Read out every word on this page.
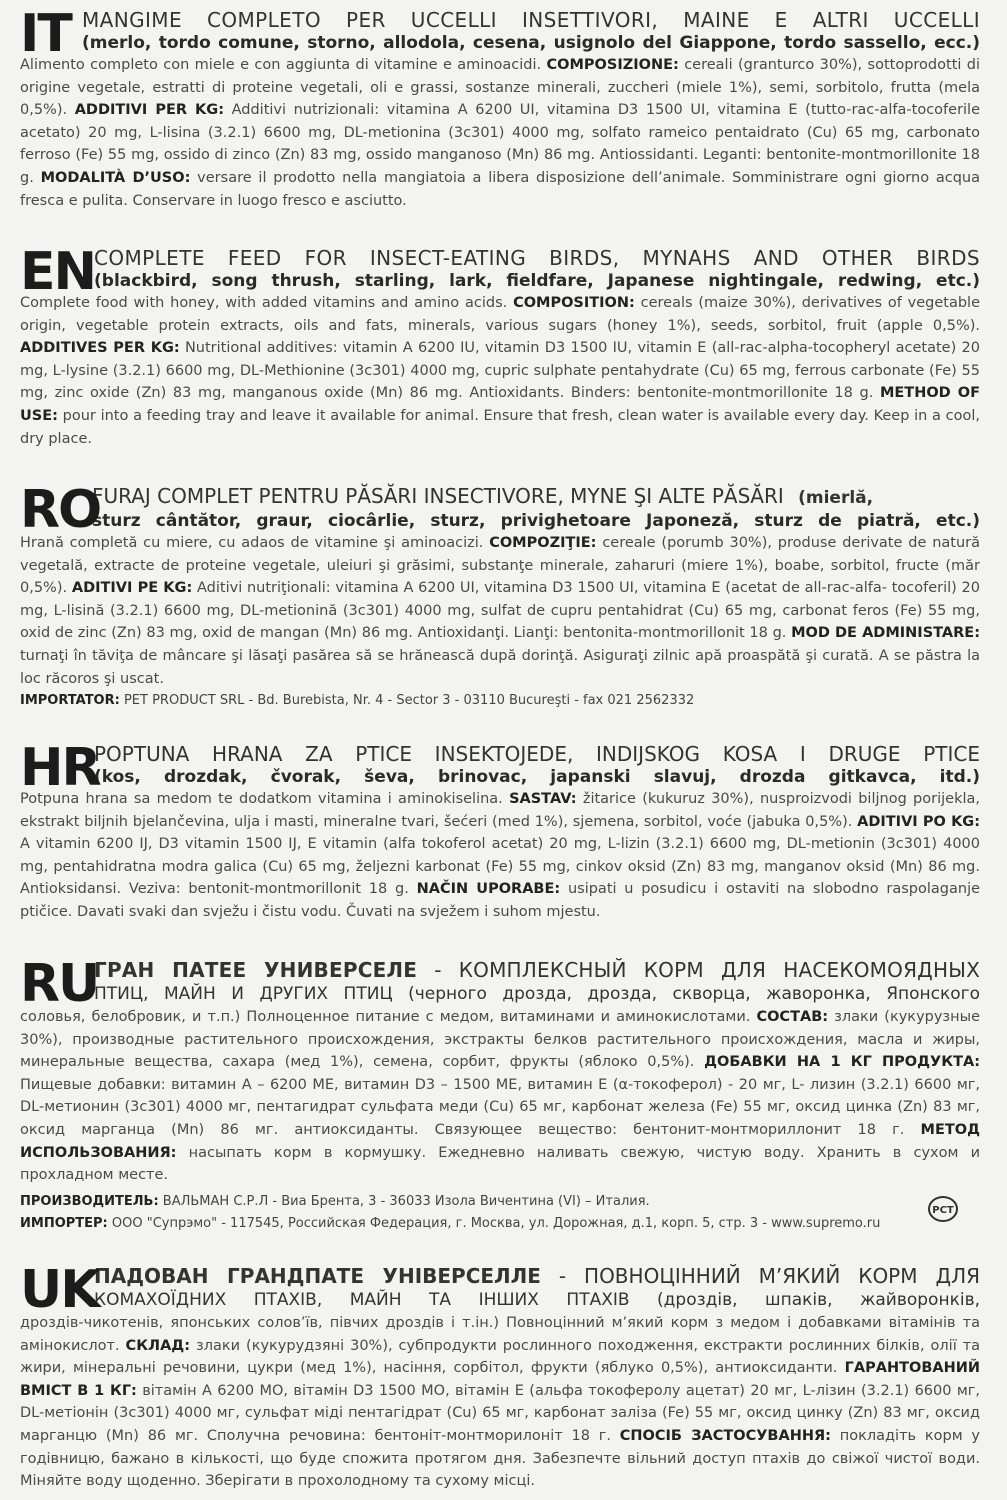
IT MANGIME COMPLETO PER UCCELLI INSETTIVORI, MAINE E ALTRI UCCELLI
(merlo, tordo comune, storno, allodola, cesena, usignolo del Giappone, tordo sassello, ecc.)
Alimento completo con miele e con aggiunta di vitamine e aminoacidi. COMPOSIZIONE: cereali (granturco 30%), sottoprodotti di origine vegetale, estratti di proteine vegetali, oli e grassi, sostanze minerali, zuccheri (miele 1%), semi, sorbitolo, frutta (mela 0,5%). ADDITIVI PER KG: Additivi nutrizionali: vitamina A 6200 UI, vitamina D3 1500 UI, vitamina E (tutto-rac-alfa-tocoferile acetato) 20 mg, L-lisina (3.2.1) 6600 mg, DL-metionina (3c301) 4000 mg, solfato rameico pentaidrato (Cu) 65 mg, carbonato ferroso (Fe) 55 mg, ossido di zinco (Zn) 83 mg, ossido manganoso (Mn) 86 mg. Antiossidanti. Leganti: bentonite-montmorillonite 18 g. MODALITÀ D’USO: versare il prodotto nella mangiatoia a libera disposizione dell’animale. Somministrare ogni giorno acqua fresca e pulita. Conservare in luogo fresco e asciutto.
EN
COMPLETE FEED FOR INSECT-EATING BIRDS, MYNAHS AND OTHER BIRDS
(blackbird, song thrush, starling, lark, fieldfare, Japanese nightingale, redwing, etc.)
Complete food with honey, with added vitamins and amino acids. COMPOSITION: cereals (maize 30%), derivatives of vegetable origin, vegetable protein extracts, oils and fats, minerals, various sugars (honey 1%), seeds, sorbitol, fruit (apple 0,5%). ADDITIVES PER KG: Nutritional additives: vitamin A 6200 IU, vitamin D3 1500 IU, vitamin E (all-rac-alpha-tocopheryl acetate) 20 mg, L-lysine (3.2.1) 6600 mg, DL-Methionine (3c301) 4000 mg, cupric sulphate pentahydrate (Cu) 65 mg, ferrous carbonate (Fe) 55 mg, zinc oxide (Zn) 83 mg, manganous oxide (Mn) 86 mg. Antioxidants. Binders: bentonite-montmorillonite 18 g. METHOD OF USE: pour into a feeding tray and leave it available for animal. Ensure that fresh, clean water is available every day. Keep in a cool, dry place.
RO
FURAJ COMPLET PENTRU PĂSĂRI INSECTIVORE, MYNE ŞI ALTE PĂSĂRI (mierlă,
sturz cântător, graur, ciocârlie, sturz, privighetoare Japoneză, sturz de piatră, etc.)
Hrană completă cu miere, cu adaos de vitamine şi aminoacizi. COMPOZIŢIE: cereale (porumb 30%), produse derivate de natură vegetală, extracte de proteine vegetale, uleiuri şi grăsimi, substanţe minerale, zaharuri (miere 1%), boabe, sorbitol, fructe (măr 0,5%). ADITIVI PE KG: Aditivi nutriţionali: vitamina A 6200 UI, vitamina D3 1500 UI, vitamina E (acetat de all-rac-alfa- tocoferil) 20 mg, L-lisină (3.2.1) 6600 mg, DL-metionină (3c301) 4000 mg, sulfat de cupru pentahidrat (Cu) 65 mg, carbonat feros (Fe) 55 mg, oxid de zinc (Zn) 83 mg, oxid de mangan (Mn) 86 mg. Antioxidanţi. Lianţi: bentonita-montmorillonit 18 g. MOD DE ADMINISTARE: turnaţi în tăviţa de mâncare şi lăsaţi pasărea să se hrănească după dorinţă. Asiguraţi zilnic apă proaspătă şi curată. A se păstra la loc răcoros şi uscat.
IMPORTATOR: PET PRODUCT SRL - Bd. Burebista, Nr. 4 - Sector 3 - 03110 Bucureşti - fax 021 2562332
HR
POPTUNA HRANA ZA PTICE INSEKTOJEDE, INDIJSKOG KOSA I DRUGE PTICE
(kos, drozdak, čvorak, ševa, brinovac, japanski slavuj, drozda gitkavca, itd.)
Potpuna hrana sa medom te dodatkom vitamina i aminokiselina. SASTAV: žitarice (kukuruz 30%), nusproizvodi biljnog porijekla, ekstrakt biljnih bjelančevina, ulja i masti, mineralne tvari, šećeri (med 1%), sjemena, sorbitol, voće (jabuka 0,5%). ADITIVI PO KG: A vitamin 6200 IJ, D3 vitamin 1500 IJ, E vitamin (alfa tokoferol acetat) 20 mg, L-lizin (3.2.1) 6600 mg, DL-metionin (3c301) 4000 mg, pentahidratna modra galica (Cu) 65 mg, željezni karbonat (Fe) 55 mg, cinkov oksid (Zn) 83 mg, manganov oksid (Mn) 86 mg. Antioksidansi. Veziva: bentonit-montmorillonit 18 g. NAČIN UPORABE: usipati u posudicu i ostaviti na slobodno raspolaganje ptičice. Davati svaki dan svježu i čistu vodu. Čuvati na svježem i suhom mjestu.
RU
ГРАН ПАТЕЕ УНИВЕРСЕЛЕ - КОМПЛЕКСНЫЙ КОРМ ДЛЯ НАСЕКОМОЯДНЫХ
ПТИЦ, МАЙН И ДРУГИХ ПТИЦ (черного дрозда, дрозда, скворца, жаворонка, Японского
соловья, белобровик, и т.п.) Полноценное питание с медом, витаминами и аминокислотами. СОСТАВ: злаки (кукурузные 30%), производные растительного происхождения, экстракты белков растительного происхождения, масла и жиры, минеральные вещества, сахара (мед 1%), семена, сорбит, фрукты (яблоко 0,5%). ДОБАВКИ НА 1 КГ ПРОДУКТА: Пищевые добавки: витамин А – 6200 МЕ, витамин D3 – 1500 МЕ, витамин Е (α-токоферол) - 20 мг, L- лизин (3.2.1) 6600 мг, DL-метионин (3c301) 4000 мг, пентагидрат сульфата меди (Cu) 65 мг, карбонат железа (Fe) 55 мг, оксид цинка (Zn) 83 мг, оксид марганца (Mn) 86 мг. антиоксиданты. Связующее вещество: бентонит-монтмориллонит 18 г. МЕТОД ИСПОЛЬЗОВАНИЯ: насыпать корм в кормушку. Ежедневно наливать свежую, чистую воду. Хранить в сухом и прохладном месте.
ПРОИЗВОДИТЕЛЬ: ВАЛЬМАН С.Р.Л - Виа Брента, 3 - 36033 Изола Вичентина (VI) – Италия.
ИМПОРТЕР: ООО "Супрэмо" - 117545, Российская Федерация, г. Москва, ул. Дорожная, д.1, корп. 5, стр. 3 - www.supremo.ru
РСТ
UK
ПАДОВАН ГРАНДПАТЕ УНІВЕРСЕЛЛЕ - ПОВНОЦІННИЙ М’ЯКИЙ КОРМ ДЛЯ
КОМАХОЇДНИХ ПТАХІВ, МАЙН ТА ІНШИХ ПТАХІВ (дроздів, шпаків, жайворонків,
дроздів-чикотенів, японських солов’їв, півчих дроздів і т.ін.) Повноцінний м’який корм з медом і добавками вітамінів та амінокислот. СКЛАД: злаки (кукурудзяні 30%), субпродукти рослинного походження, екстракти рослинних білків, олії та жири, мінеральні речовини, цукри (мед 1%), насіння, сорбітол, фрукти (яблуко 0,5%), антиоксиданти. ГАРАНТОВАНИЙ ВМІСТ В 1 КГ: вітамін А 6200 МО, вітамін D3 1500 МО, вітамін Е (альфа токоферолу ацетат) 20 мг, L-лізин (3.2.1) 6600 мг, DL-метіонін (3c301) 4000 мг, сульфат міді пентагідрат (Cu) 65 мг, карбонат заліза (Fe) 55 мг, оксид цинку (Zn) 83 мг, оксид марганцю (Mn) 86 мг. Сполучна речовина: бентоніт-монтморилоніт 18 г. СПОСІБ ЗАСТОСУВАННЯ: покладіть корм у годівницю, бажано в кількості, що буде спожита протягом дня. Забезпечте вільний доступ птахів до свіжої чистої води. Міняйте воду щоденно. Зберігати в прохолодному та сухому місці.
